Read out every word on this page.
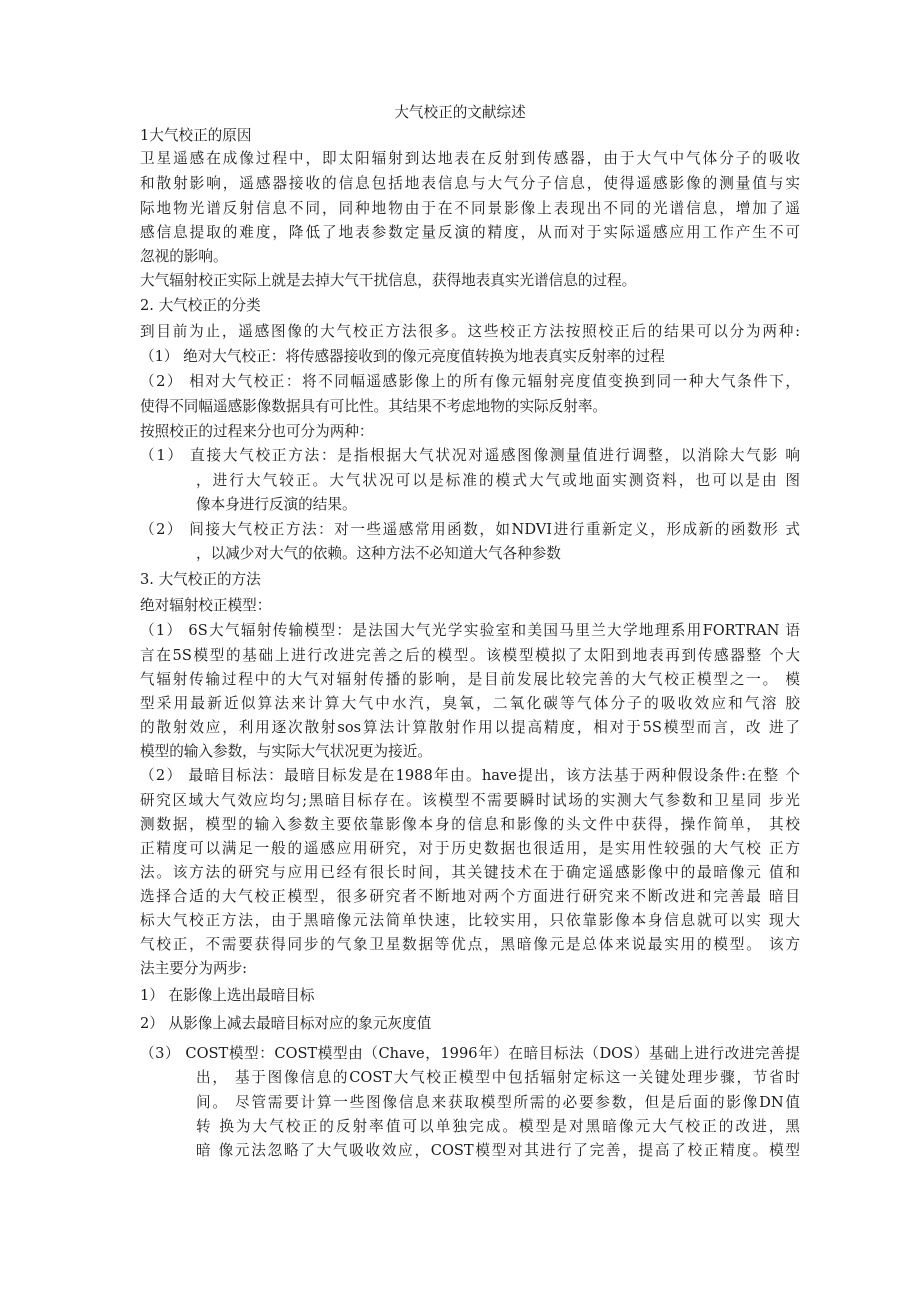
大气校正的文献综述
1大气校正的原因
卫星遥感在成像过程中，即太阳辐射到达地表在反射到传感器，由于大气中气体分子的吸收
和散射影响，遥感器接收的信息包括地表信息与大气分子信息，使得遥感影像的测量值与实
际地物光谱反射信息不同，同种地物由于在不同景影像上表现出不同的光谱信息，增加了遥
感信息提取的难度，降低了地表参数定量反演的精度，从而对于实际遥感应用工作产生不可
忽视的影响。
大气辐射校正实际上就是去掉大气干扰信息，获得地表真实光谱信息的过程。
2. 大气校正的分类
到目前为止，遥感图像的大气校正方法很多。这些校正方法按照校正后的结果可以分为两种:
（1） 绝对大气校正：将传感器接收到的像元亮度值转换为地表真实反射率的过程
（2） 相对大气校正：将不同幅遥感影像上的所有像元辐射亮度值变换到同一种大气条件下，
使得不同幅遥感影像数据具有可比性。其结果不考虑地物的实际反射率。
按照校正的过程来分也可分为两种：
（1） 直接大气校正方法：是指根据大气状况对遥感图像测量值进行调整，以消除大气影 响
，进行大气较正。大气状况可以是标准的模式大气或地面实测资料，也可以是由 图
像本身进行反演的结果。
（2） 间接大气校正方法：对一些遥感常用函数，如NDVI进行重新定义，形成新的函数形 式
，以减少对大气的依赖。这种方法不必知道大气各种参数
3. 大气校正的方法
绝对辐射校正模型：
（1） 6S大气辐射传输模型：是法国大气光学实验室和美国马里兰大学地理系用FORTRAN 语
言在5S模型的基础上进行改进完善之后的模型。该模型模拟了太阳到地表再到传感器整 个大
气辐射传输过程中的大气对辐射传播的影响，是目前发展比较完善的大气校正模型之一。 模
型采用最新近似算法来计算大气中水汽，臭氧，二氧化碳等气体分子的吸收效应和气溶 胶
的散射效应，利用逐次散射sos算法计算散射作用以提高精度，相对于5S模型而言，改 进了
模型的输入参数，与实际大气状况更为接近。
（2） 最暗目标法：最暗目标发是在1988年由。have提出，该方法基于两种假设条件:在整 个
研究区域大气效应均匀;黑暗目标存在。该模型不需要瞬时试场的实测大气参数和卫星同 步光
测数据，模型的输入参数主要依靠影像本身的信息和影像的头文件中获得，操作简单， 其校
正精度可以满足一般的遥感应用研究，对于历史数据也很适用，是实用性较强的大气校 正方
法。该方法的研究与应用已经有很长时间，其关键技术在于确定遥感影像中的最暗像元 值和
选择合适的大气校正模型，很多研究者不断地对两个方面进行研究来不断改进和完善最 暗目
标大气校正方法，由于黑暗像元法简单快速，比较实用，只依靠影像本身信息就可以实 现大
气校正，不需要获得同步的气象卫星数据等优点，黑暗像元是总体来说最实用的模型。 该方
法主要分为两步:
1） 在影像上选出最暗目标
2） 从影像上减去最暗目标对应的象元灰度值
（3） COST模型：COST模型由（Chave，1996年）在暗目标法（DOS）基础上进行改进完善提
出， 基于图像信息的COST大气校正模型中包括辐射定标这一关键处理步骤，节省时
间。 尽管需要计算一些图像信息来获取模型所需的必要参数，但是后面的影像DN值
转 换为大气校正的反射率值可以单独完成。模型是对黑暗像元大气校正的改进，黑
暗 像元法忽略了大气吸收效应，COST模型对其进行了完善，提高了校正精度。模型
